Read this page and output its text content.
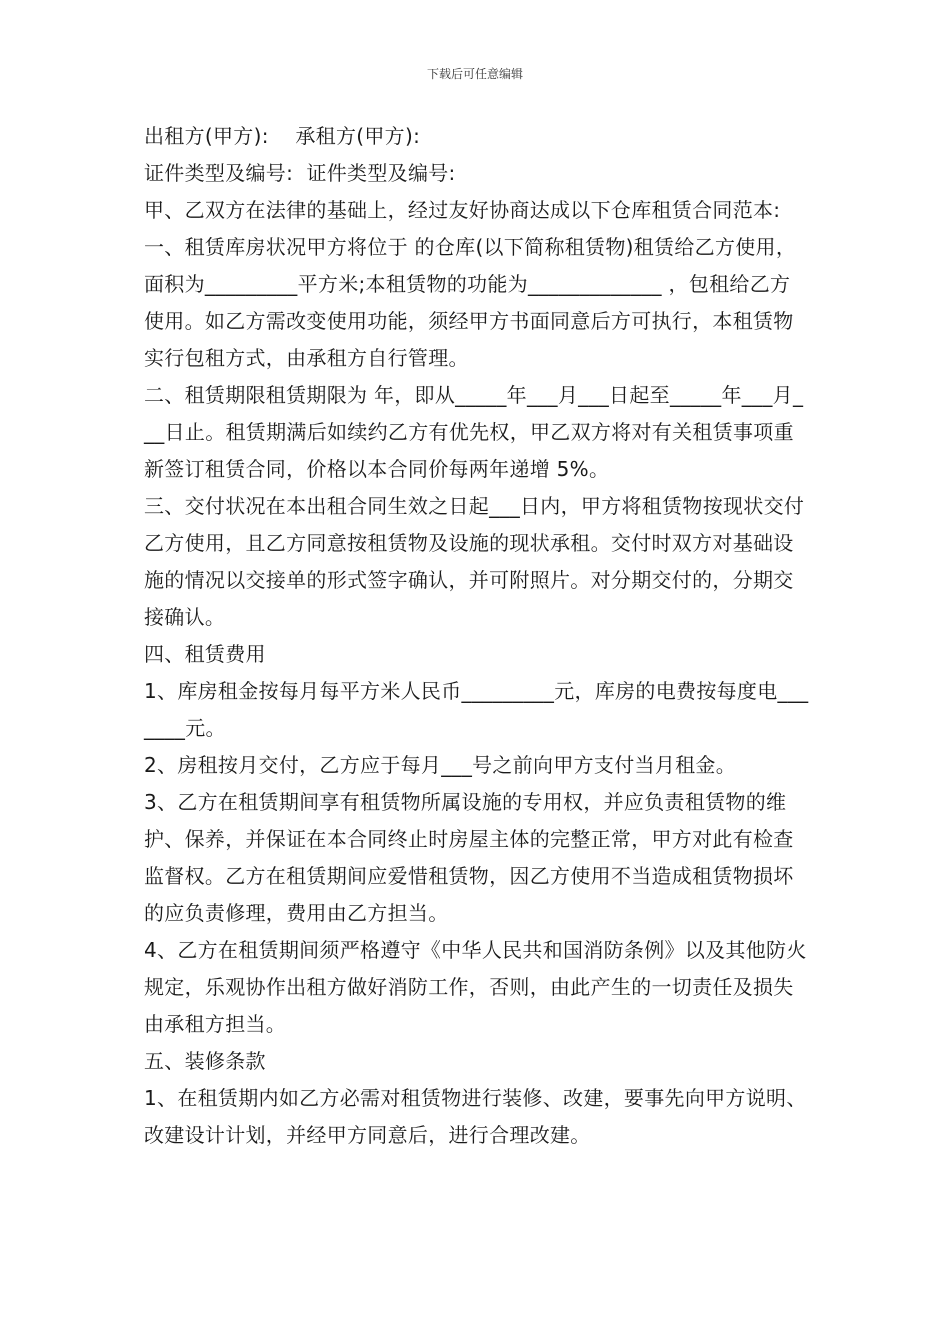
下载后可任意编辑

出租方(甲方):    承租方(甲方):

证件类型及编号:  证件类型及编号:

甲、乙双方在法律的基础上，经过友好协商达成以下仓库租赁合同范本:

一、租赁库房状况甲方将位于 的仓库(以下简称租赁物)租赁给乙方使用，面积为_________平方米;本租赁物的功能为_____________ ，包租给乙方使用。如乙方需改变使用功能，须经甲方书面同意后方可执行，本租赁物实行包租方式，由承租方自行管理。

二、租赁期限租赁期限为 年，即从_____年___月___日起至_____年___月___日止。租赁期满后如续约乙方有优先权，甲乙双方将对有关租赁事项重新签订租赁合同，价格以本合同价每两年递增 5%。

三、交付状况在本出租合同生效之日起___日内，甲方将租赁物按现状交付乙方使用，且乙方同意按租赁物及设施的现状承租。交付时双方对基础设施的情况以交接单的形式签字确认，并可附照片。对分期交付的，分期交接确认。

四、租赁费用

1、库房租金按每月每平方米人民币_________元，库房的电费按每度电_______元。

2、房租按月交付，乙方应于每月___号之前向甲方支付当月租金。

3、乙方在租赁期间享有租赁物所属设施的专用权，并应负责租赁物的维护、保养，并保证在本合同终止时房屋主体的完整正常，甲方对此有检查监督权。乙方在租赁期间应爱惜租赁物，因乙方使用不当造成租赁物损坏的应负责修理，费用由乙方担当。

4、乙方在租赁期间须严格遵守《中华人民共和国消防条例》以及其他防火规定，乐观协作出租方做好消防工作，否则，由此产生的一切责任及损失由承租方担当。

五、装修条款

1、在租赁期内如乙方必需对租赁物进行装修、改建，要事先向甲方说明、改建设计计划，并经甲方同意后，进行合理改建。
